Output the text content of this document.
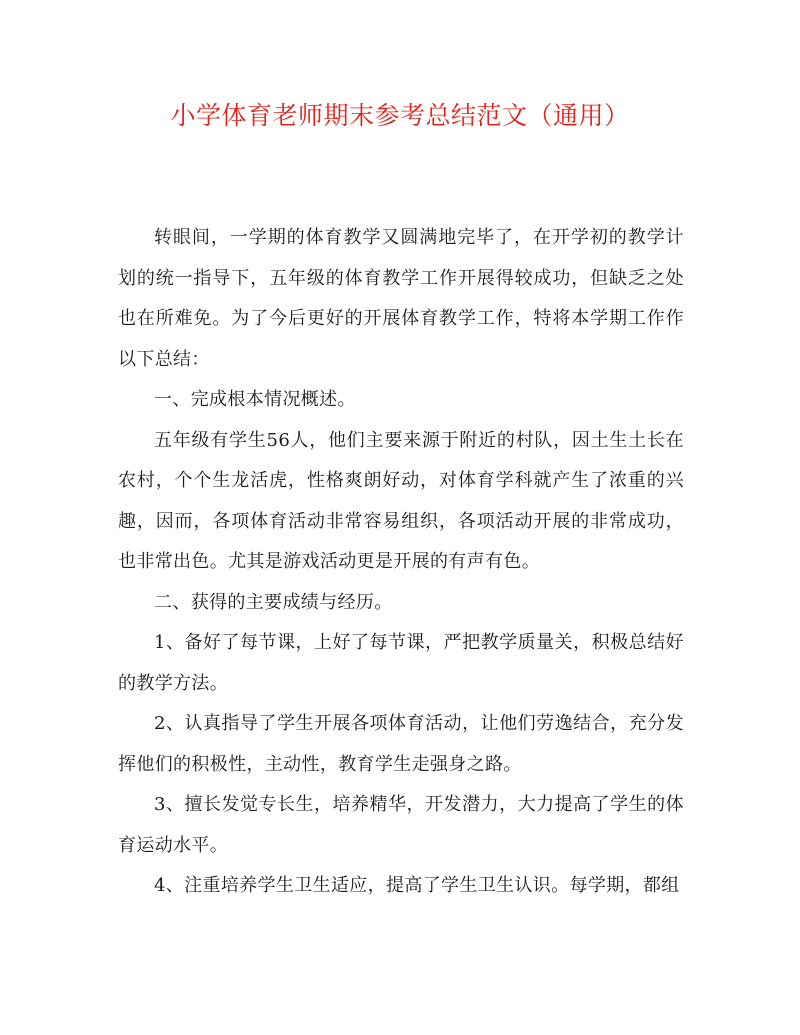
小学体育老师期末参考总结范文（通用）

转眼间，一学期的体育教学又圆满地完毕了，在开学初的教学计划的统一指导下，五年级的体育教学工作开展得较成功，但缺乏之处也在所难免。为了今后更好的开展体育教学工作，特将本学期工作作以下总结：

一、完成根本情况概述。

五年级有学生56人，他们主要来源于附近的村队，因土生土长在农村，个个生龙活虎，性格爽朗好动，对体育学科就产生了浓重的兴趣，因而，各项体育活动非常容易组织，各项活动开展的非常成功，也非常出色。尤其是游戏活动更是开展的有声有色。

二、获得的主要成绩与经历。

1、备好了每节课，上好了每节课，严把教学质量关，积极总结好的教学方法。

2、认真指导了学生开展各项体育活动，让他们劳逸结合，充分发挥他们的积极性，主动性，教育学生走强身之路。

3、擅长发觉专长生，培养精华，开发潜力，大力提高了学生的体育运动水平。

4、注重培养学生卫生适应，提高了学生卫生认识。每学期，都组
